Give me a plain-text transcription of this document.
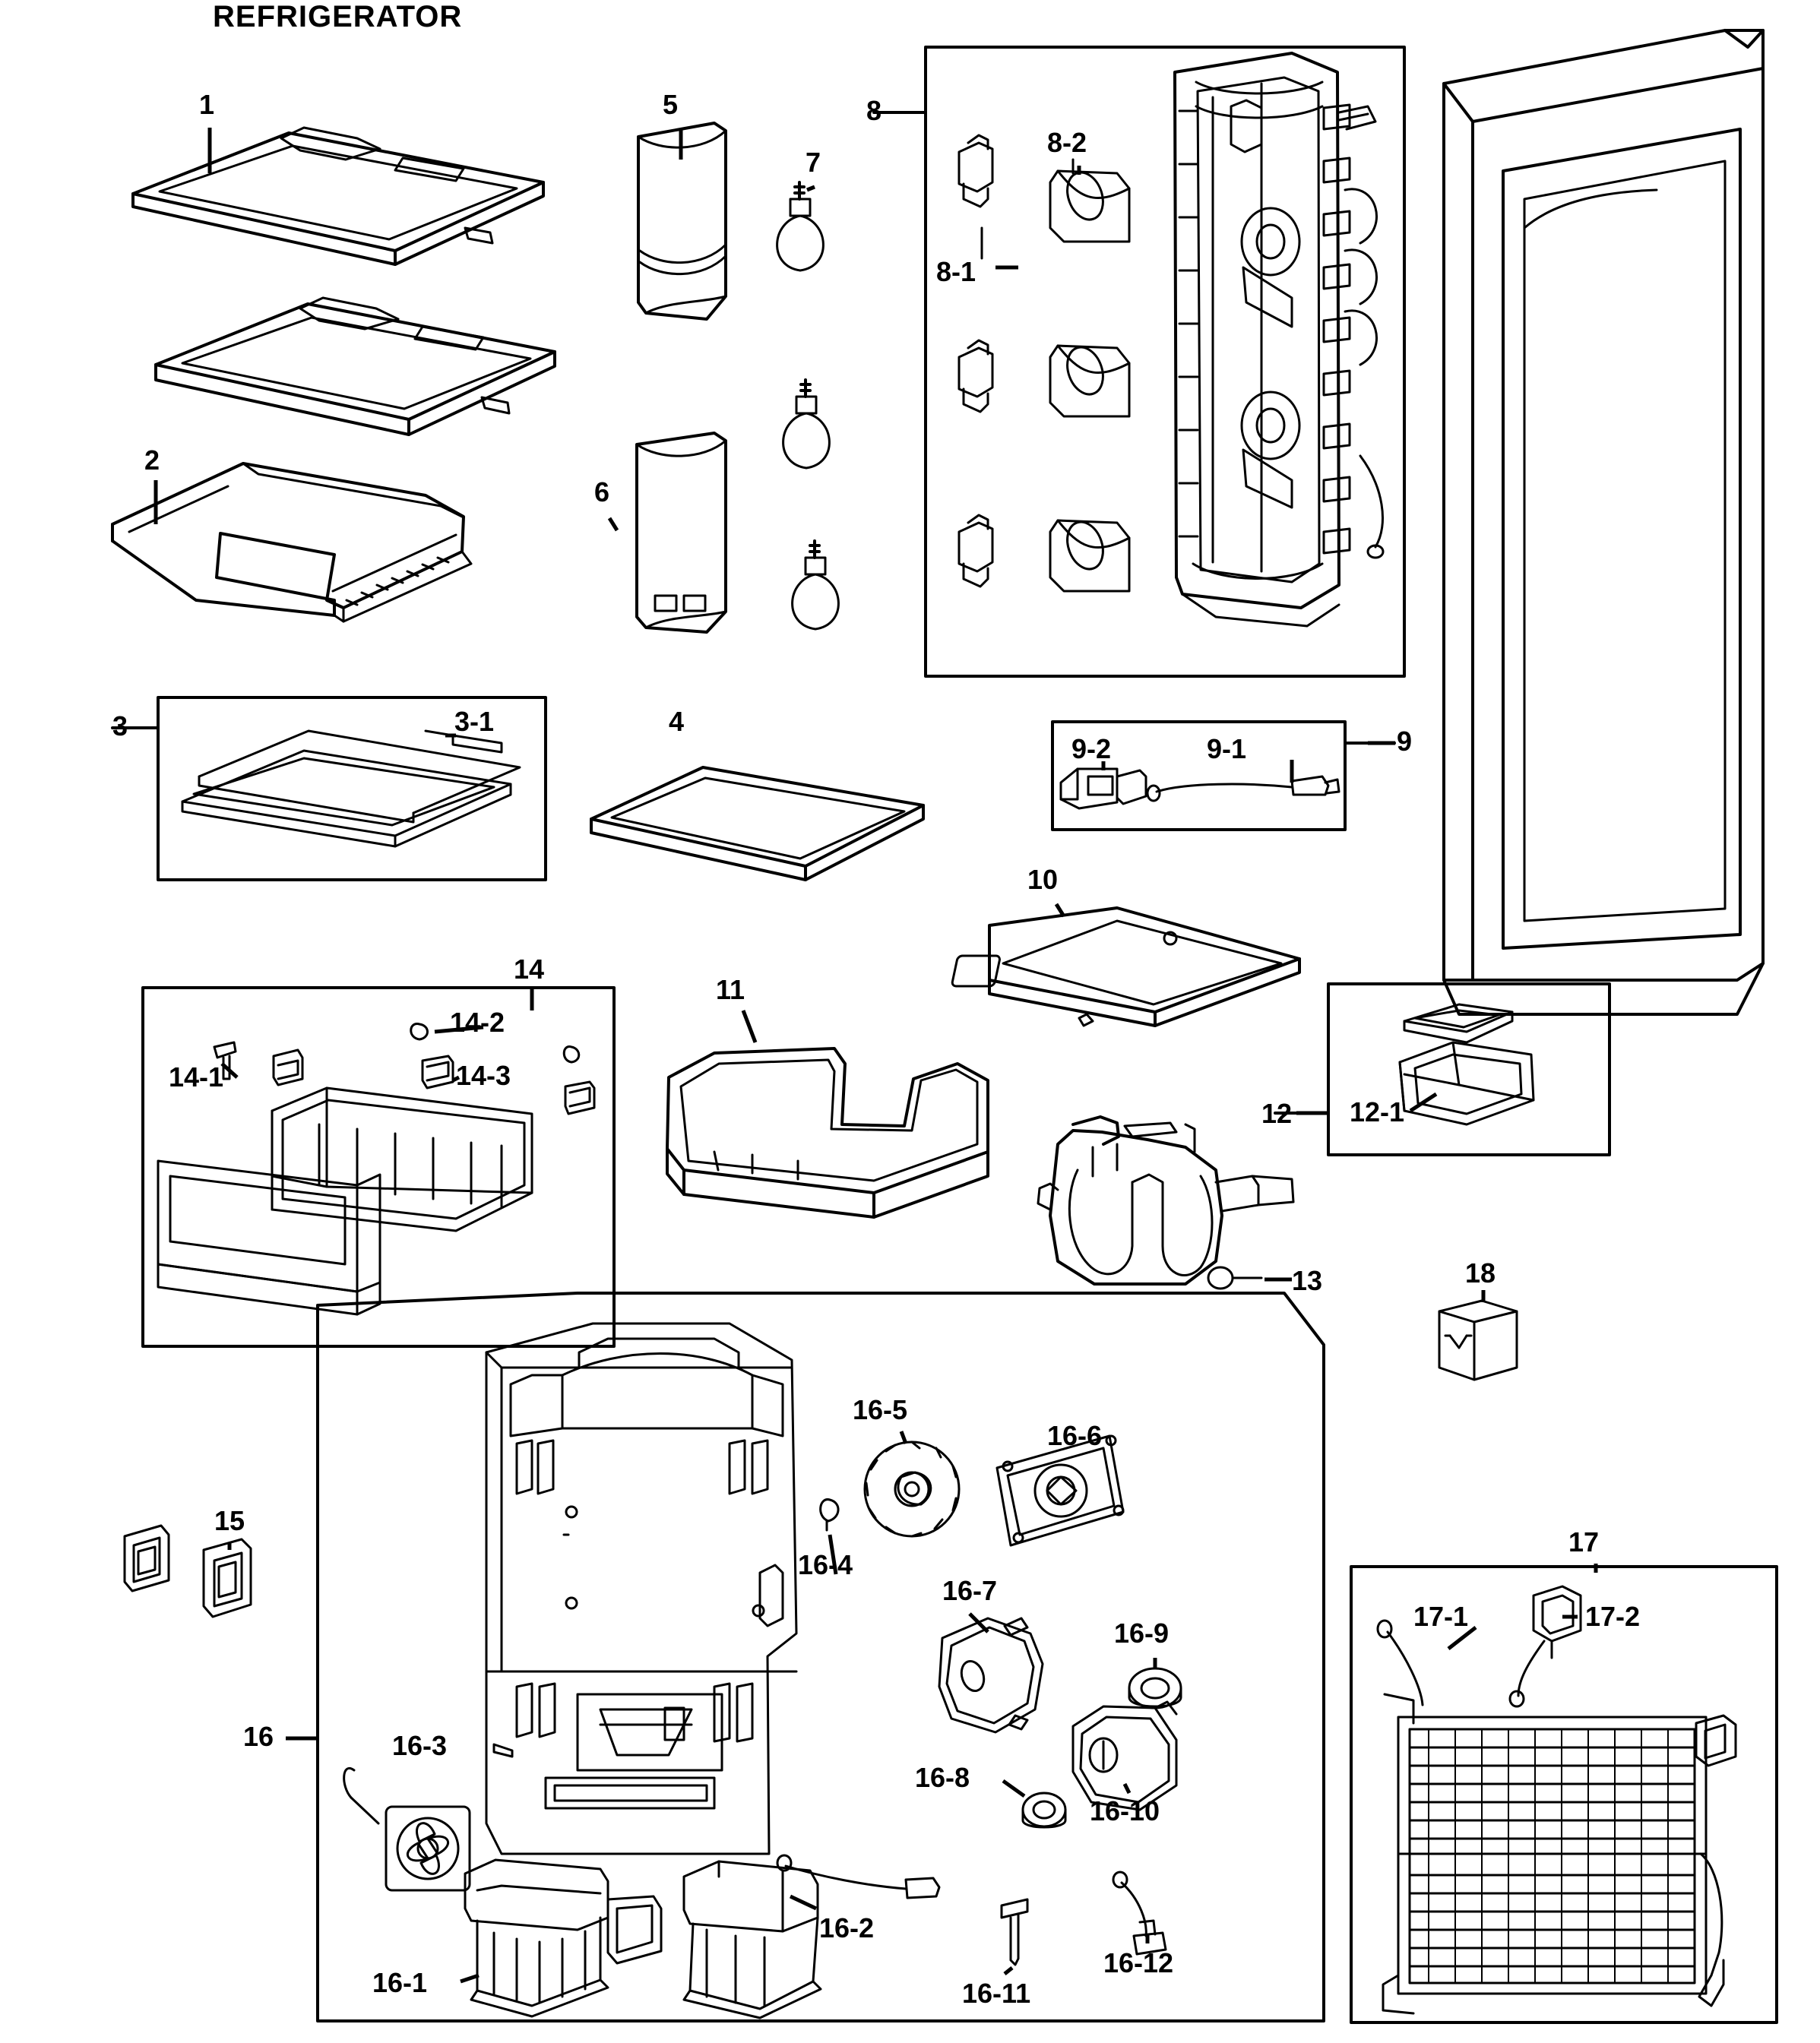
REFRIGERATOR
1
2
3	3-1	4
5
6
7
8
8-1
8-2
9
9-1
9-2
10
11
12 12-1
13
14
14-1
14-2
14-3
15
16
16-1
16-2
16-3
16-4
16-5
16-6
16-7
16-8
16-9
16-10
16-11
16-12
17
17-1	17-2
18
